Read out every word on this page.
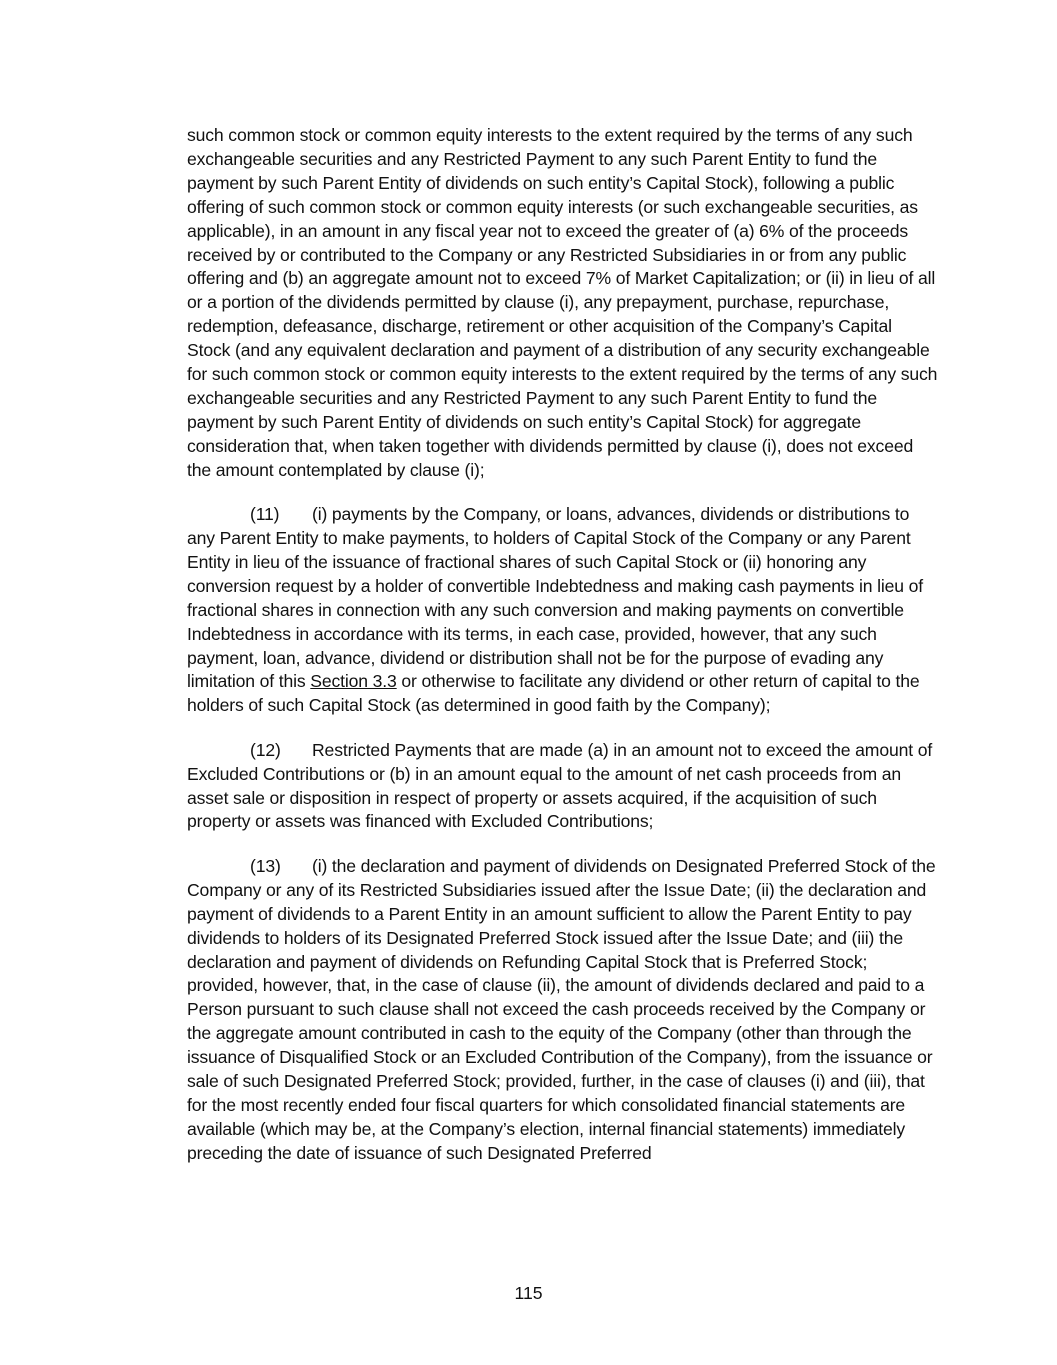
such common stock or common equity interests to the extent required by the terms of any such exchangeable securities and any Restricted Payment to any such Parent Entity to fund the payment by such Parent Entity of dividends on such entity’s Capital Stock), following a public offering of such common stock or common equity interests (or such exchangeable securities, as applicable), in an amount in any fiscal year not to exceed the greater of (a) 6% of the proceeds received by or contributed to the Company or any Restricted Subsidiaries in or from any public offering and (b) an aggregate amount not to exceed 7% of Market Capitalization; or (ii) in lieu of all or a portion of the dividends permitted by clause (i), any prepayment, purchase, repurchase, redemption, defeasance, discharge, retirement or other acquisition of the Company’s Capital Stock (and any equivalent declaration and payment of a distribution of any security exchangeable for such common stock or common equity interests to the extent required by the terms of any such exchangeable securities and any Restricted Payment to any such Parent Entity to fund the payment by such Parent Entity of dividends on such entity’s Capital Stock) for aggregate consideration that, when taken together with dividends permitted by clause (i), does not exceed the amount contemplated by clause (i);

(11) (i) payments by the Company, or loans, advances, dividends or distributions to any Parent Entity to make payments, to holders of Capital Stock of the Company or any Parent Entity in lieu of the issuance of fractional shares of such Capital Stock or (ii) honoring any conversion request by a holder of convertible Indebtedness and making cash payments in lieu of fractional shares in connection with any such conversion and making payments on convertible Indebtedness in accordance with its terms, in each case, provided, however, that any such payment, loan, advance, dividend or distribution shall not be for the purpose of evading any limitation of this Section 3.3 or otherwise to facilitate any dividend or other return of capital to the holders of such Capital Stock (as determined in good faith by the Company);

(12) Restricted Payments that are made (a) in an amount not to exceed the amount of Excluded Contributions or (b) in an amount equal to the amount of net cash proceeds from an asset sale or disposition in respect of property or assets acquired, if the acquisition of such property or assets was financed with Excluded Contributions;

(13) (i) the declaration and payment of dividends on Designated Preferred Stock of the Company or any of its Restricted Subsidiaries issued after the Issue Date; (ii) the declaration and payment of dividends to a Parent Entity in an amount sufficient to allow the Parent Entity to pay dividends to holders of its Designated Preferred Stock issued after the Issue Date; and (iii) the declaration and payment of dividends on Refunding Capital Stock that is Preferred Stock; provided, however, that, in the case of clause (ii), the amount of dividends declared and paid to a Person pursuant to such clause shall not exceed the cash proceeds received by the Company or the aggregate amount contributed in cash to the equity of the Company (other than through the issuance of Disqualified Stock or an Excluded Contribution of the Company), from the issuance or sale of such Designated Preferred Stock; provided, further, in the case of clauses (i) and (iii), that for the most recently ended four fiscal quarters for which consolidated financial statements are available (which may be, at the Company’s election, internal financial statements) immediately preceding the date of issuance of such Designated Preferred

115
